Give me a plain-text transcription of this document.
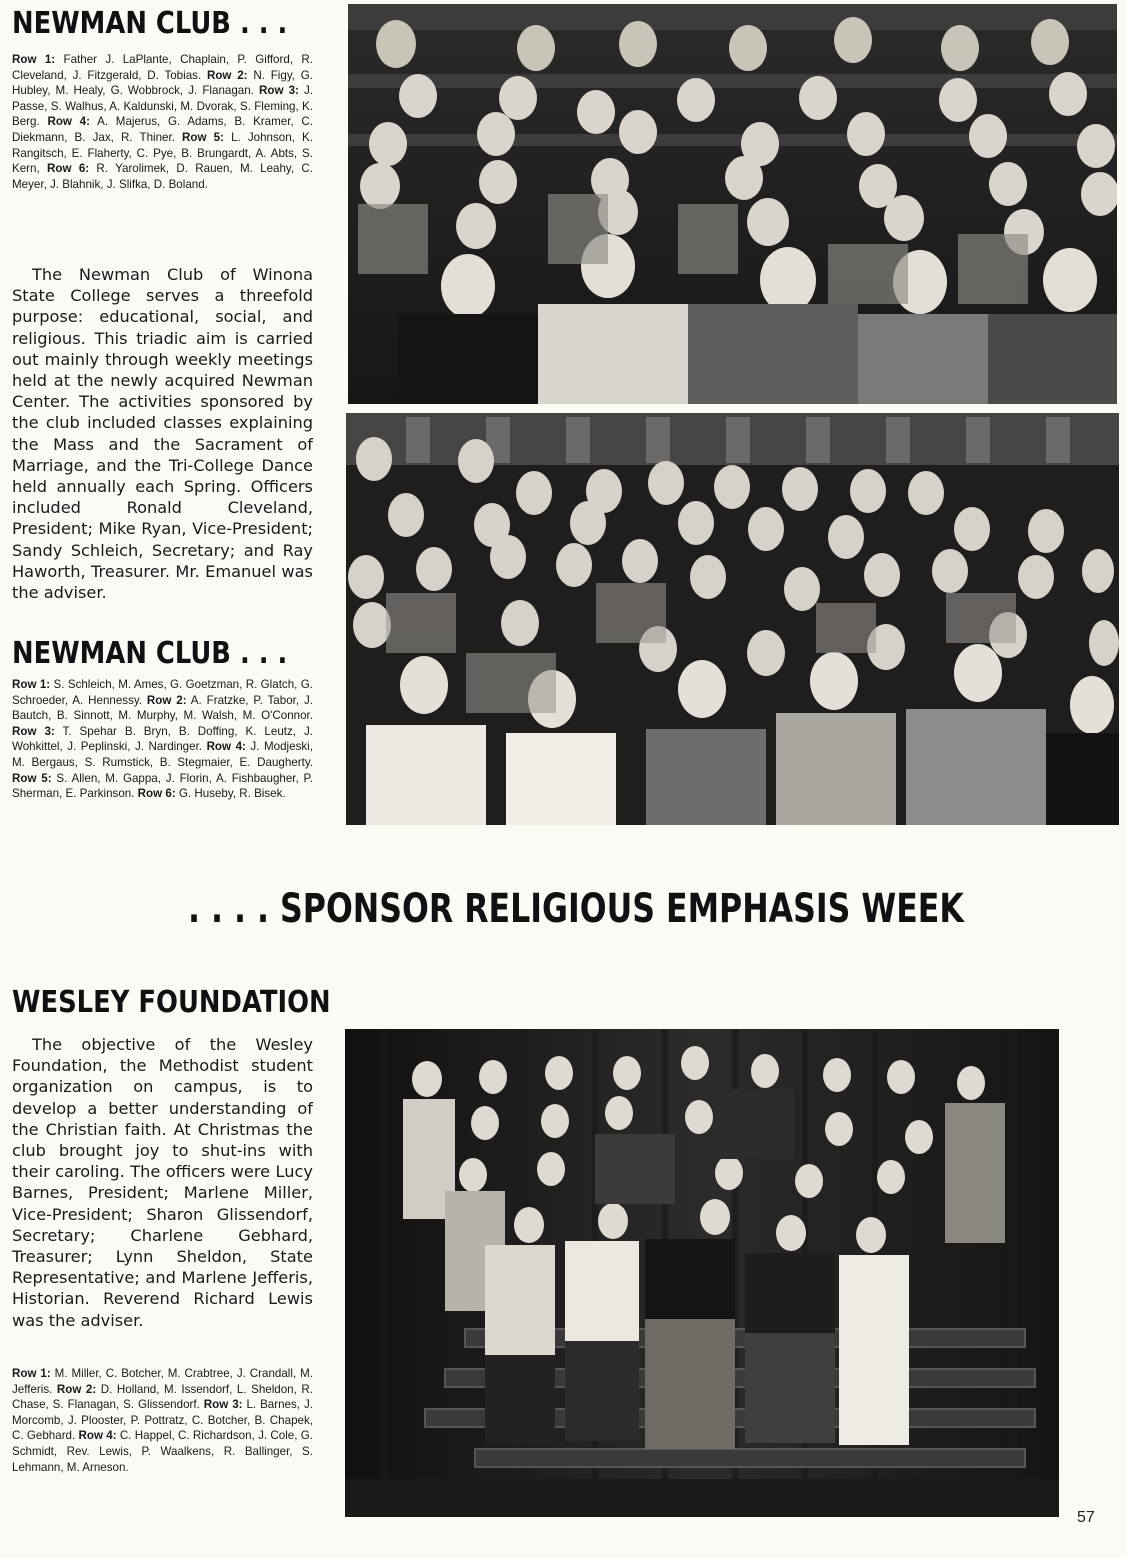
NEWMAN CLUB . . .

Row 1: Father J. LaPlante, Chaplain, P. Gifford, R. Cleveland, J. Fitzgerald, D. Tobias. Row 2: N. Figy, G. Hubley, M. Healy, G. Wobbrock, J. Flanagan. Row 3: J. Passe, S. Walhus, A. Kaldunski, M. Dvorak, S. Fleming, K. Berg. Row 4: A. Majerus, G. Adams, B. Kramer, C. Diekmann, B. Jax, R. Thiner. Row 5: L. Johnson, K. Rangitsch, E. Flaherty, C. Pye, B. Brungardt, A. Abts, S. Kern, Row 6: R. Yarolimek, D. Rauen, M. Leahy, C. Meyer, J. Blahnik, J. Slifka, D. Boland.

The Newman Club of Winona State College serves a threefold purpose: educational, social, and religious. This triadic aim is carried out mainly through weekly meetings held at the newly acquired Newman Center. The activities sponsored by the club included classes explaining the Mass and the Sacrament of Marriage, and the Tri-College Dance held annually each Spring. Officers included Ronald Cleveland, President; Mike Ryan, Vice-President; Sandy Schleich, Secretary; and Ray Haworth, Treasurer. Mr. Emanuel was the adviser.

NEWMAN CLUB . . .

Row 1: S. Schleich, M. Ames, G. Goetzman, R. Glatch, G. Schroeder, A. Hennessy. Row 2: A. Fratzke, P. Tabor, J. Bautch, B. Sinnott, M. Murphy, M. Walsh, M. O'Connor. Row 3: T. Spehar B. Bryn, B. Doffing, K. Leutz, J. Wohkittel, J. Peplinski, J. Nardinger. Row 4: J. Modjeski, M. Bergaus, S. Rumstick, B. Stegmaier, E. Daugherty. Row 5: S. Allen, M. Gappa, J. Florin, A. Fishbaugher, P. Sherman, E. Parkinson. Row 6: G. Huseby, R. Bisek.

. . . . SPONSOR RELIGIOUS EMPHASIS WEEK
WESLEY FOUNDATION

The objective of the Wesley Foundation, the Methodist student organization on campus, is to develop a better understanding of the Christian faith. At Christmas the club brought joy to shut-ins with their caroling. The officers were Lucy Barnes, President; Marlene Miller, Vice-President; Sharon Glissendorf, Secretary; Charlene Gebhard, Treasurer; Lynn Sheldon, State Representative; and Marlene Jefferis, Historian. Reverend Richard Lewis was the adviser.

Row 1: M. Miller, C. Botcher, M. Crabtree, J. Crandall, M. Jefferis. Row 2: D. Holland, M. Issendorf, L. Sheldon, R. Chase, S. Flanagan, S. Glissendorf. Row 3: L. Barnes, J. Morcomb, J. Plooster, P. Pottratz, C. Botcher, B. Chapek, C. Gebhard. Row 4: C. Happel, C. Richardson, J. Cole, G. Schmidt, Rev. Lewis, P. Waalkens, R. Ballinger, S. Lehmann, M. Arneson.

57
